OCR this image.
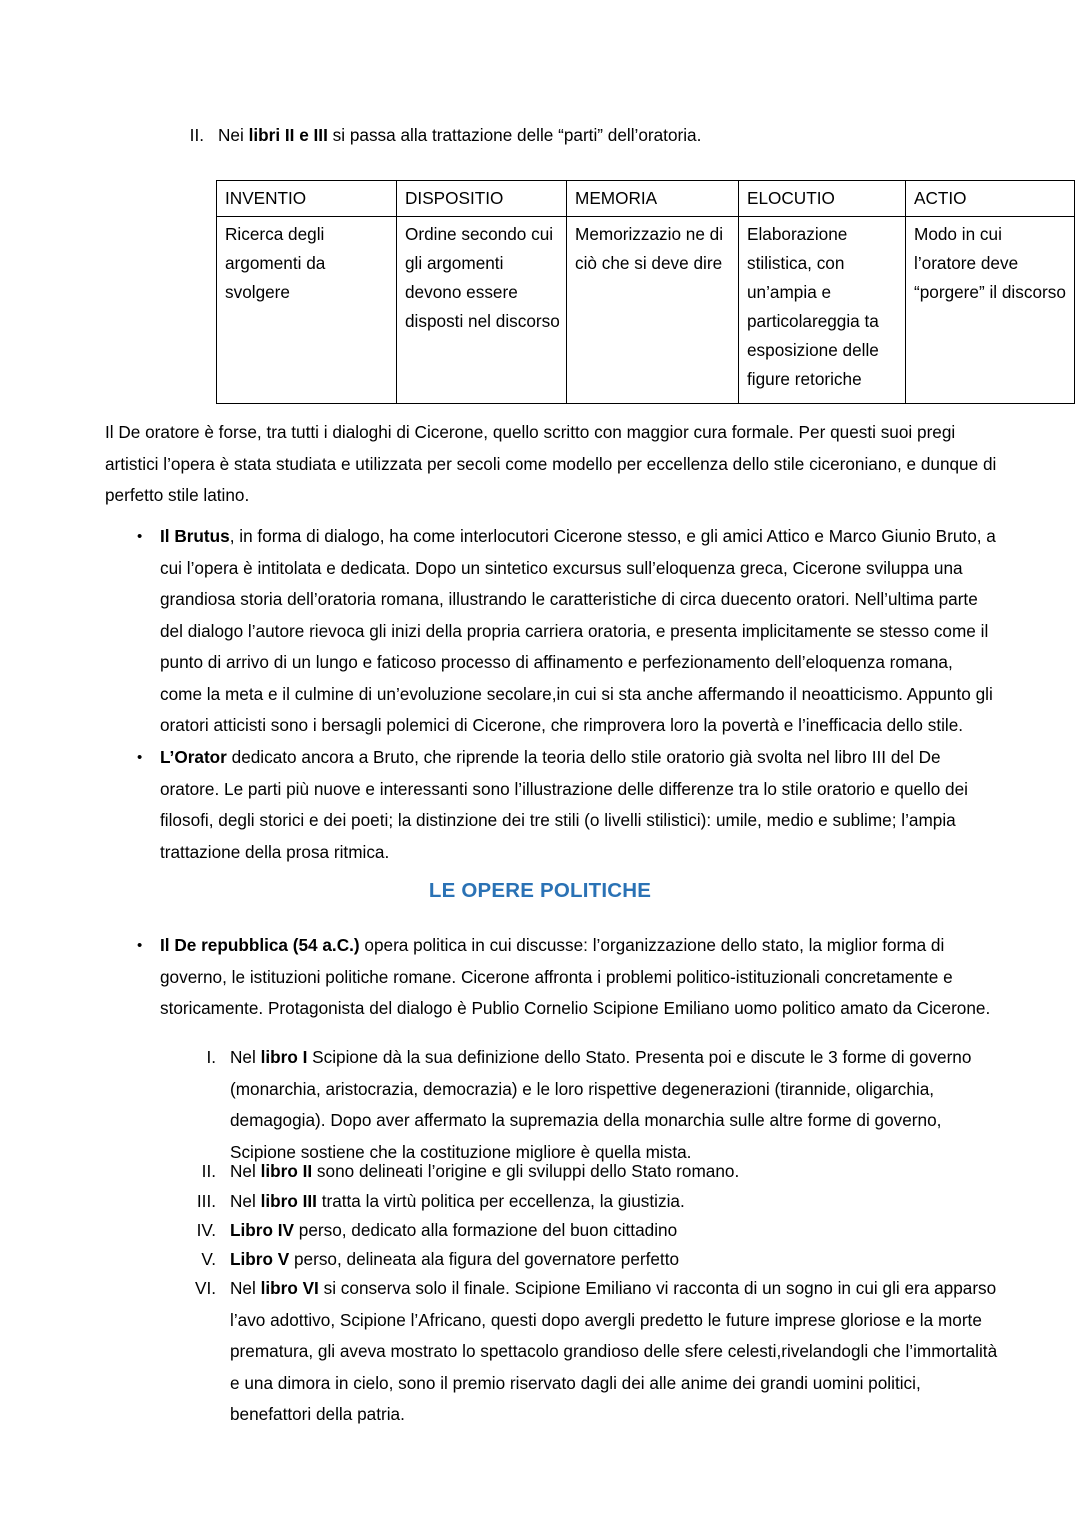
II. Nei libri II e III si passa alla trattazione delle “parti” dell’oratoria.
INVENTIO	DISPOSITIO	MEMORIA	ELOCUTIO	ACTIO
Ricerca degli argomenti da svolgere	Ordine secondo cui gli argomenti devono essere disposti nel discorso	Memorizzazio ne di ciò che si deve dire	Elaborazione stilistica, con un’ampia e particolareggia ta esposizione delle figure retoriche	Modo in cui l’oratore deve “porgere” il discorso
Il De oratore è forse, tra tutti i dialoghi di Cicerone, quello scritto con maggior cura formale. Per questi suoi pregi artistici l’opera è stata studiata e utilizzata per secoli come modello per eccellenza dello stile ciceroniano, e dunque di perfetto stile latino.
•	Il Brutus, in forma di dialogo, ha come interlocutori Cicerone stesso, e gli amici Attico e Marco Giunio Bruto, a cui l’opera è intitolata e dedicata. Dopo un sintetico excursus sull’eloquenza greca, Cicerone sviluppa una grandiosa storia dell’oratoria romana, illustrando le caratteristiche di circa duecento oratori. Nell’ultima parte del dialogo l’autore rievoca gli inizi della propria carriera oratoria, e presenta implicitamente se stesso come il punto di arrivo di un lungo e faticoso processo di affinamento e perfezionamento dell’eloquenza romana, come la meta e il culmine di un’evoluzione secolare,in cui si sta anche affermando il neoatticismo. Appunto gli oratori atticisti sono i bersagli polemici di Cicerone, che rimprovera loro la povertà e l’inefficacia dello stile.
•	L’Orator dedicato ancora a Bruto, che riprende la teoria dello stile oratorio già svolta nel libro III del De oratore. Le parti più nuove e interessanti sono l’illustrazione delle differenze tra lo stile oratorio e quello dei filosofi, degli storici e dei poeti; la distinzione dei tre stili (o livelli stilistici): umile, medio e sublime; l’ampia trattazione della prosa ritmica.
LE OPERE POLITICHE
•	Il De repubblica (54 a.C.) opera politica in cui discusse: l’organizzazione dello stato, la miglior forma di governo, le istituzioni politiche romane. Cicerone affronta i problemi politico-istituzionali concretamente e storicamente. Protagonista del dialogo è Publio Cornelio Scipione Emiliano uomo politico amato da Cicerone.
I. Nel libro I Scipione dà la sua definizione dello Stato. Presenta poi e discute le 3 forme di governo (monarchia, aristocrazia, democrazia) e le loro rispettive degenerazioni (tirannide, oligarchia, demagogia). Dopo aver affermato la supremazia della monarchia sulle altre forme di governo, Scipione sostiene che la costituzione migliore è quella mista.
II. Nel libro II sono delineati l’origine e gli sviluppi dello Stato romano.
III. Nel libro III tratta la virtù politica per eccellenza, la giustizia.
IV. Libro IV perso, dedicato alla formazione del buon cittadino
V. Libro V perso, delineata ala figura del governatore perfetto
VI. Nel libro VI si conserva solo il finale. Scipione Emiliano vi racconta di un sogno in cui gli era apparso l’avo adottivo, Scipione l’Africano, questi dopo avergli predetto le future imprese gloriose e la morte prematura, gli aveva mostrato lo spettacolo grandioso delle sfere celesti,rivelandogli che l’immortalità e una dimora in cielo, sono il premio riservato dagli dei alle anime dei grandi uomini politici, benefattori della patria.
